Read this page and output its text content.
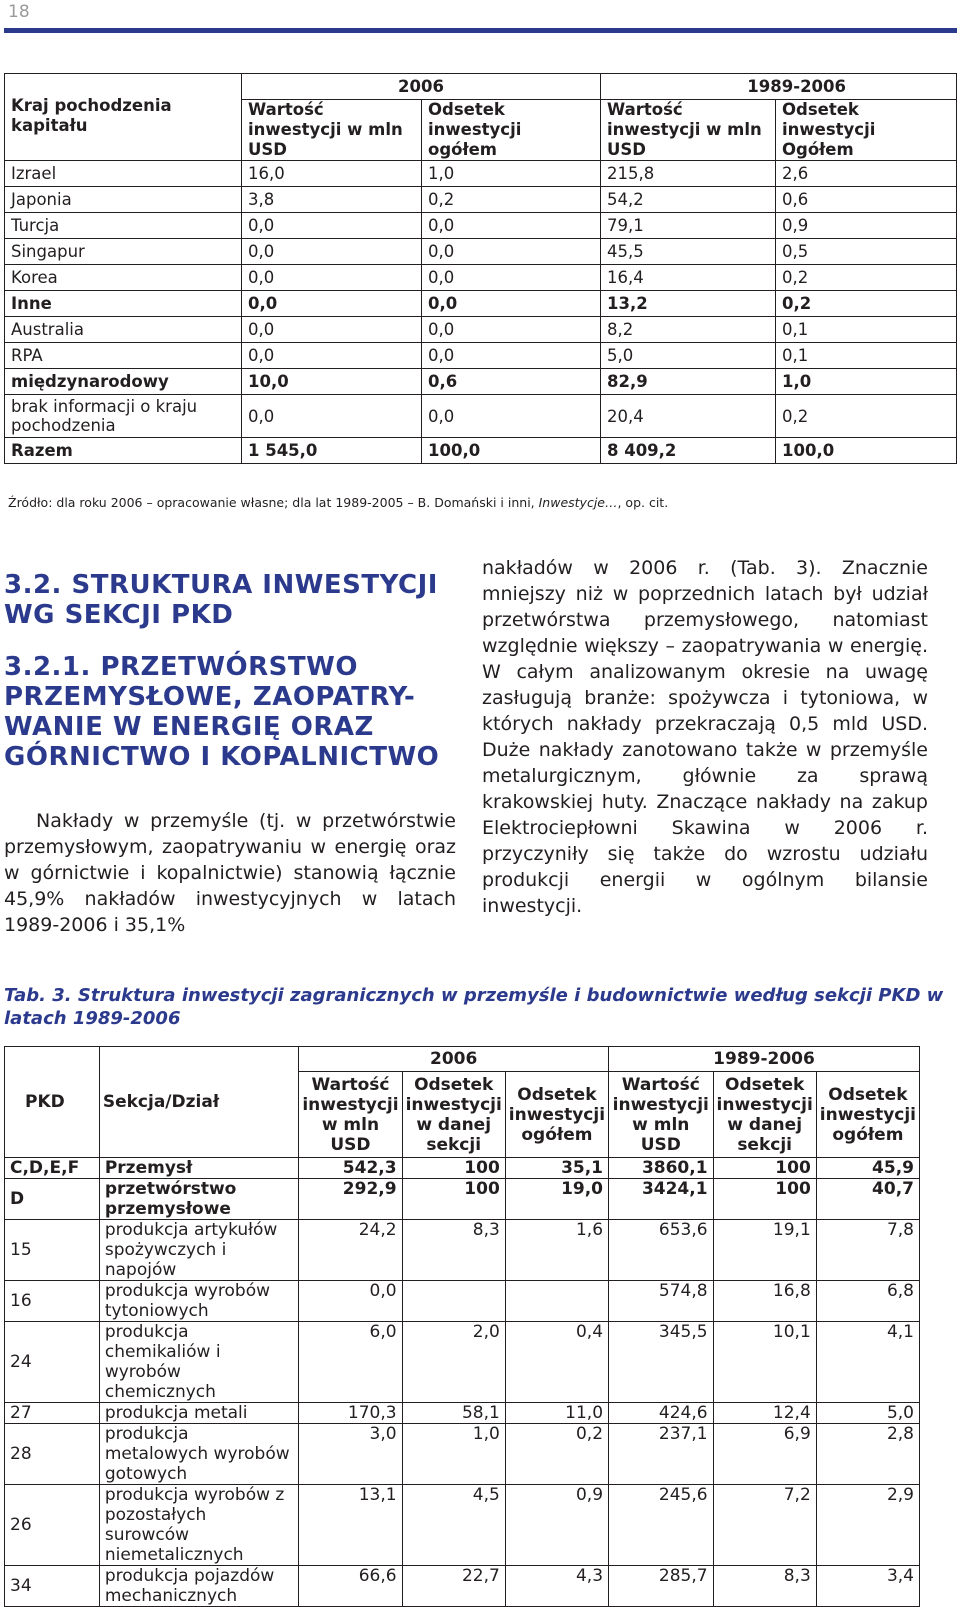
18
Kraj pochodzenia kapitału	2006		1989-2006	
	Wartość inwestycji w mln USD	Odsetek inwestycji ogółem	Wartość inwestycji w mln USD	Odsetek inwestycji Ogółem
Izrael	16,0	1,0	215,8	2,6
Japonia	3,8	0,2	54,2	0,6
Turcja	0,0	0,0	79,1	0,9
Singapur	0,0	0,0	45,5	0,5
Korea	0,0	0,0	16,4	0,2
Inne	0,0	0,0	13,2	0,2
Australia	0,0	0,0	8,2	0,1
RPA	0,0	0,0	5,0	0,1
międzynarodowy	10,0	0,6	82,9	1,0
brak informacji o kraju pochodzenia	0,0	0,0	20,4	0,2
Razem	1 545,0	100,0	8 409,2	100,0
Źródło: dla roku 2006 – opracowanie własne; dla lat 1989-2005 – B. Domański i inni, Inwestycje…, op. cit.
3.2. STRUKTURA INWESTYCJI WG SEKCJI PKD
3.2.1. PRZETWÓRSTWO PRZEMYSŁOWE, ZAOPATRY-WANIE W ENERGIĘ ORAZ GÓRNICTWO I KOPALNICTWO
Nakłady w przemyśle (tj. w przetwórstwie przemysłowym, zaopatrywaniu w energię oraz w górnictwie i kopalnictwie) stanowią łącznie 45,9% nakładów inwestycyjnych w latach 1989-2006 i 35,1%
nakładów w 2006 r. (Tab. 3). Znacznie mniejszy niż w poprzednich latach był udział przetwórstwa przemysłowego, natomiast względnie większy – zaopatrywania w energię. W całym analizowanym okresie na uwagę zasługują branże: spożywcza i tytoniowa, w których nakłady przekraczają 0,5 mld USD. Duże nakłady zanotowano także w przemyśle metalurgicznym, głównie za sprawą krakowskiej huty. Znaczące nakłady na zakup Elektrociepłowni Skawina w 2006 r. przyczyniły się także do wzrostu udziału produkcji energii w ogólnym bilansie inwestycji.
Tab. 3. Struktura inwestycji zagranicznych w przemyśle i budownictwie według sekcji PKD w latach 1989-2006
PKD	Sekcja/Dział	2006			1989-2006		
		Wartość inwestycji w mln USD	Odsetek inwestycji w danej sekcji	Odsetek inwestycji ogółem	Wartość inwestycji w mln USD	Odsetek inwestycji w danej sekcji	Odsetek inwestycji ogółem
C,D,E,F	Przemysł	542,3	100	35,1	3860,1	100	45,9
D	przetwórstwo przemysłowe	292,9	100	19,0	3424,1	100	40,7
15	produkcja artykułów spożywczych i napojów	24,2	8,3	1,6	653,6	19,1	7,8
16	produkcja wyrobów tytoniowych	0,0			574,8	16,8	6,8
24	produkcja chemikaliów i wyrobów chemicznych	6,0	2,0	0,4	345,5	10,1	4,1
27	produkcja metali	170,3	58,1	11,0	424,6	12,4	5,0
28	produkcja metalowych wyrobów gotowych	3,0	1,0	0,2	237,1	6,9	2,8
26	produkcja wyrobów z pozostałych surowców niemetalicznych	13,1	4,5	0,9	245,6	7,2	2,9
34	produkcja pojazdów mechanicznych	66,6	22,7	4,3	285,7	8,3	3,4
